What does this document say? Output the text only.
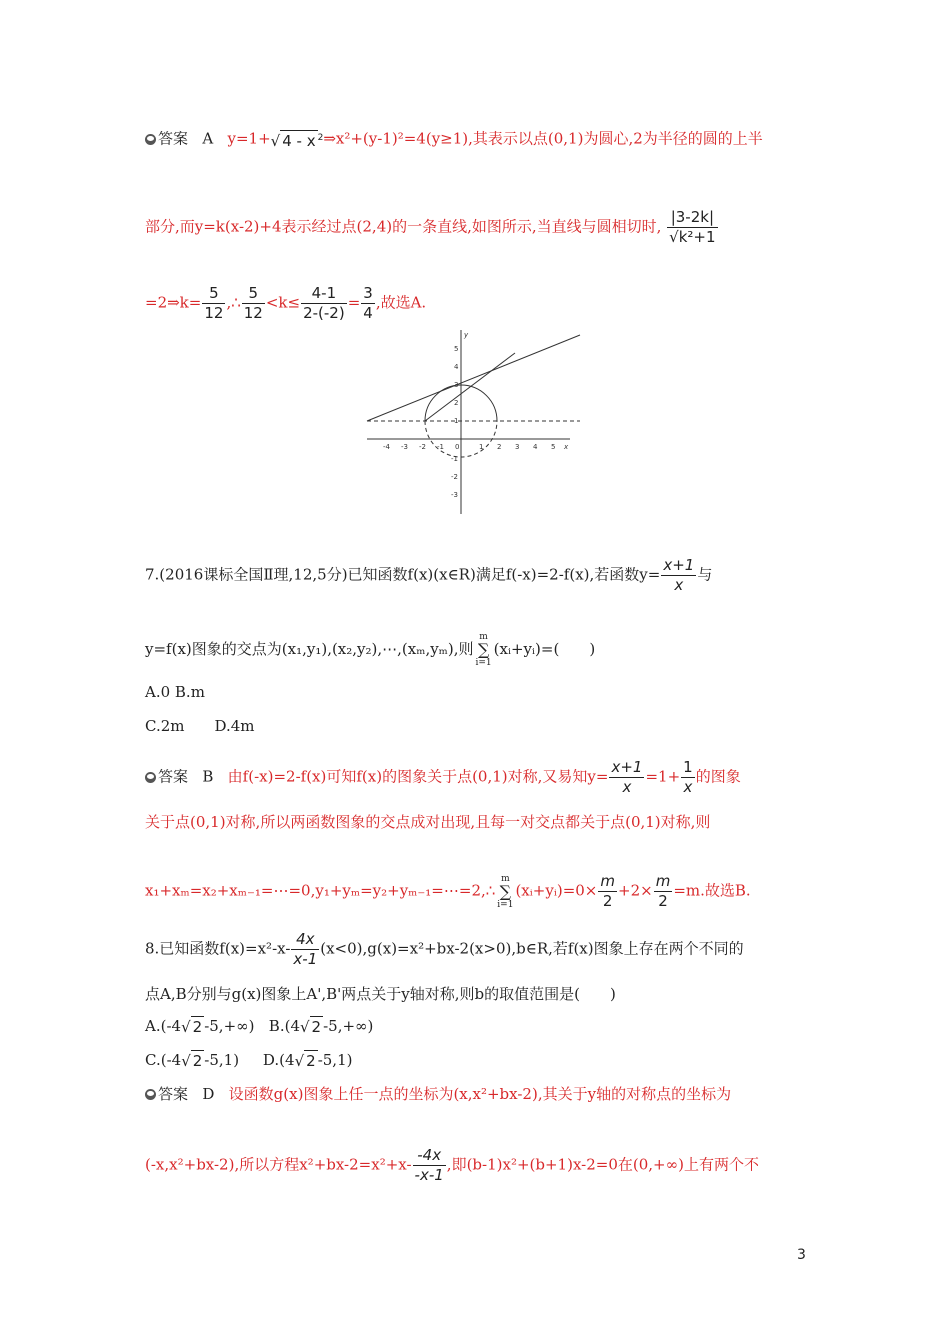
答案 A y=1+√ 4 - x $^2$⇒x²+(y-1)²=4(y≥1),其表示以点(0,1)为圆心,2为半径的圆的上半
部分,而y=k(x-2)+4表示经过点(2,4)的一条直线,如图所示,当直线与圆相切时, $\frac{|3-2k|}{\text{√k²+1}}$
=2⇒k= $\frac{5}{12}$ ,∴ $\frac{5}{12} <k\le \frac{4-1}{2-(-2)} = \frac{3}{4}$ ,故选A.
-4 -3 -2 -1 0	1 2 3 4 5 x
y
5
4
3
2
1
-1
-2
-3
7.(2016课标全国Ⅱ理,12,5分)已知函数f(x)(x∈R)满足f(-x)=2-f(x),若函数$y= \frac{x+1}{x}$ 与
y=f(x)图象的交点为(x₁,y₁),(x₂,y₂),⋯,(xₘ,yₘ),则m
∑
i=1(xᵢ+yᵢ)=(　　)
A.0 B.m
C.2m　　D.4m
答案 B 由f(-x)=2-f(x)可知f(x)的图象关于点(0,1)对称,又易知$y= \frac{x+1}{x} =1+ \frac{1}{x}$ 的图象
关于点(0,1)对称,所以两函数图象的交点成对出现,且每一对交点都关于点(0,1)对称,则
x₁+xₘ=x₂+xₘ₋₁=⋯=0,y₁+yₘ=y₂+yₘ₋₁=⋯=2,∴m
∑
i=1(xᵢ+yᵢ)=0× $\frac{m}{2} +2\times \frac{m}{2} =m$.故选B.
8.已知函数$f(x)=x^2-x- \frac{4x}{x-1}$ (x<0),g(x)=x²+bx-2(x>0),b∈R,若f(x)图象上存在两个不同的
点A,B分别与g(x)图象上A',B'两点关于y轴对称,则b的取值范围是(　　)
A.(-4√ 2 -5,+∞) B.(4√ 2 -5,+∞)
C.(-4√ 2 -5,1) D.(4√ 2 -5,1)
答案 D 设函数g(x)图象上任一点的坐标为(x,x²+bx-2),其关于y轴的对称点的坐标为
(-x,x²+bx-2),所以方程$x^2+bx-2=x^2+x- \frac{-4x}{-x-1}$ ,即(b-1)x²+(b+1)x-2=0在(0,+∞)上有两个不
3
